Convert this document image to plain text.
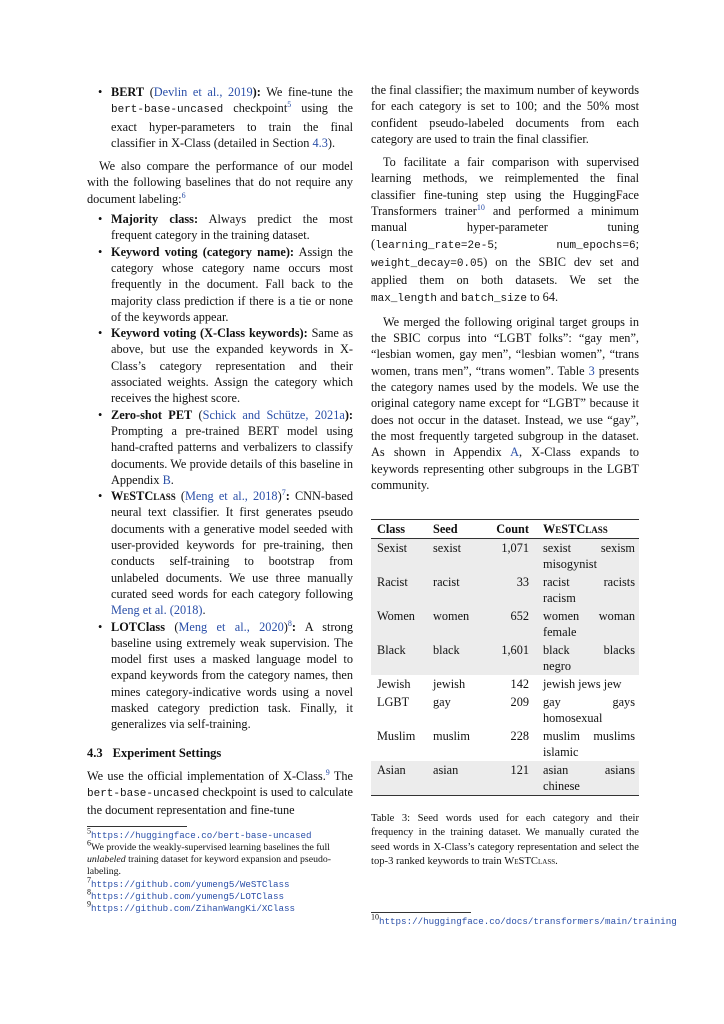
• BERT (Devlin et al., 2019): We fine-tune the bert-base-uncased checkpoint$^5$ using the exact hyper-parameters to train the final classifier in X-Class (detailed in Section 4.3).

We also compare the performance of our model with the following baselines that do not require any document labeling:$^6$

• Majority class: Always predict the most frequent category in the training dataset.
• Keyword voting (category name): Assign the category whose category name occurs most frequently in the document. Fall back to the majority class prediction if there is a tie or none of the keywords appear.
• Keyword voting (X-Class keywords): Same as above, but use the expanded keywords in X-Class’s category representation and their associated weights. Assign the category which receives the highest score.
• Zero-shot PET (Schick and Schütze, 2021a): Prompting a pre-trained BERT model using hand-crafted patterns and verbalizers to classify documents. We provide details of this baseline in Appendix B.
• WeSTClass (Meng et al., 2018)$^7$: CNN-based neural text classifier. It first generates pseudo documents with a generative model seeded with user-provided keywords for pre-training, then conducts self-training to bootstrap from unlabeled documents. We use three manually curated seed words for each category following Meng et al. (2018).
• LOTClass (Meng et al., 2020)$^8$: A strong baseline using extremely weak supervision. The model first uses a masked language model to expand keywords from the category names, then mines category-indicative words using a novel masked category prediction task. Finally, it generalizes via self-training.
4.3 Experiment Settings

We use the official implementation of X-Class.$^9$ The bert-base-uncased checkpoint is used to calculate the document representation and fine-tune

$^5$https://huggingface.co/bert-base-uncased

$^6$We provide the weakly-supervised learning baselines the full unlabeled training dataset for keyword expansion and pseudo-labeling.

$^7$https://github.com/yumeng5/WeSTClass

$^8$https://github.com/yumeng5/LOTClass

$^9$https://github.com/ZihanWangKi/XClass

the final classifier; the maximum number of keywords for each category is set to 100; and the 50% most confident pseudo-labeled documents from each category are used to train the final classifier.

To facilitate a fair comparison with supervised learning methods, we reimplemented the final classifier fine-tuning step using the HuggingFace Transformers trainer$^{10}$ and performed a minimum manual hyper-parameter tuning (learning_rate=2e-5; num_epochs=6; weight_decay=0.05) on the SBIC dev set and applied them on both datasets. We set the max_length and batch_size to 64.

We merged the following original target groups in the SBIC corpus into “LGBT folks”: “gay men”, “lesbian women, gay men”, “lesbian women”, “trans women, trans men”, “trans women”. Table 3 presents the category names used by the models. We use the original category name except for “LGBT” because it does not occur in the dataset. Instead, we use “gay”, the most frequently targeted subgroup in the dataset. As shown in Appendix A, X-Class expands to keywords representing other subgroups in the LGBT community.

Class	Seed	Count	WeSTClass
Sexist	sexist	1,071	sexist sexism misogynist
Racist	racist	33	racist racists racism
Women	women	652	women woman female
Black	black	1,601	black blacks negro
Jewish	jewish	142	jewish jews jew
LGBT	gay	209	gay gays homosexual
Muslim	muslim	228	muslim muslims islamic
Asian	asian	121	asian asians chinese

Table 3: Seed words used for each category and their frequency in the training dataset. We manually curated the seed words in X-Class’s category representation and select the top-3 ranked keywords to train WeSTClass.

$^{10}$https://huggingface.co/docs/transformers/main/training
